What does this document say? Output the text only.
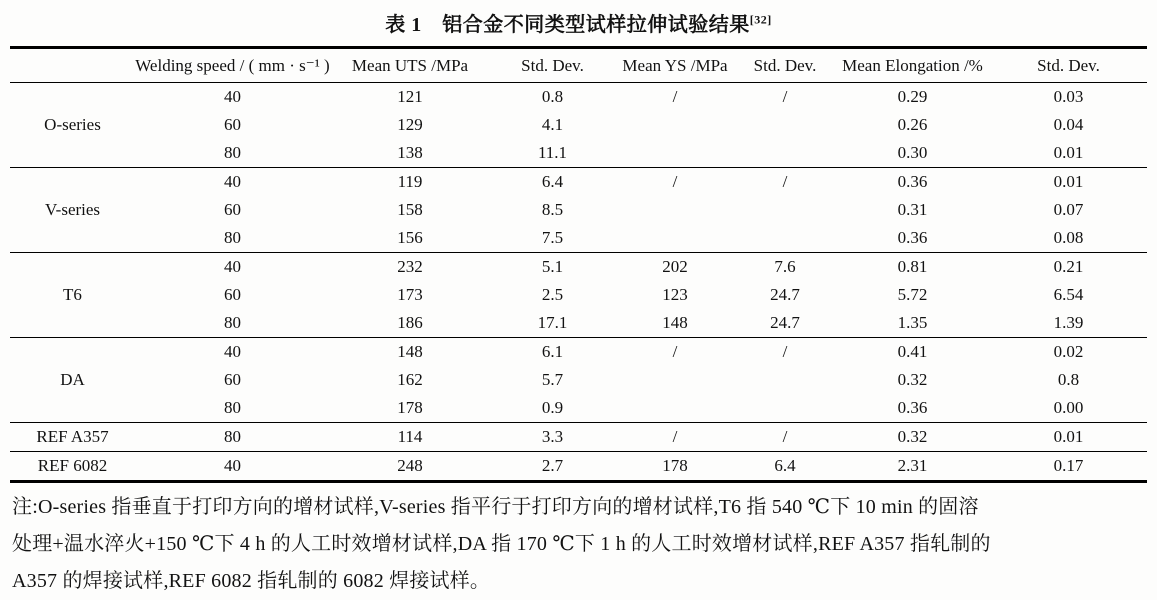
表 1　铝合金不同类型试样拉伸试验结果[32]
	Welding speed / ( mm · s⁻¹ )	Mean UTS /MPa	Std. Dev.	Mean YS /MPa	Std. Dev.	Mean Elongation /%	Std. Dev.
O-series	40	121	0.8	/	/	0.29	0.03
	60	129	4.1			0.26	0.04
	80	138	11.1			0.30	0.01
V-series	40	119	6.4	/	/	0.36	0.01
	60	158	8.5			0.31	0.07
	80	156	7.5			0.36	0.08
T6	40	232	5.1	202	7.6	0.81	0.21
	60	173	2.5	123	24.7	5.72	6.54
	80	186	17.1	148	24.7	1.35	1.39
DA	40	148	6.1	/	/	0.41	0.02
	60	162	5.7			0.32	0.8
	80	178	0.9			0.36	0.00
REF A357	80	114	3.3	/	/	0.32	0.01
REF 6082	40	248	2.7	178	6.4	2.31	0.17
注:O-series 指垂直于打印方向的增材试样,V-series 指平行于打印方向的增材试样,T6 指 540 ℃下 10 min 的固溶
处理+温水淬火+150 ℃下 4 h 的人工时效增材试样,DA 指 170 ℃下 1 h 的人工时效增材试样,REF A357 指轧制的
A357 的焊接试样,REF 6082 指轧制的 6082 焊接试样。
